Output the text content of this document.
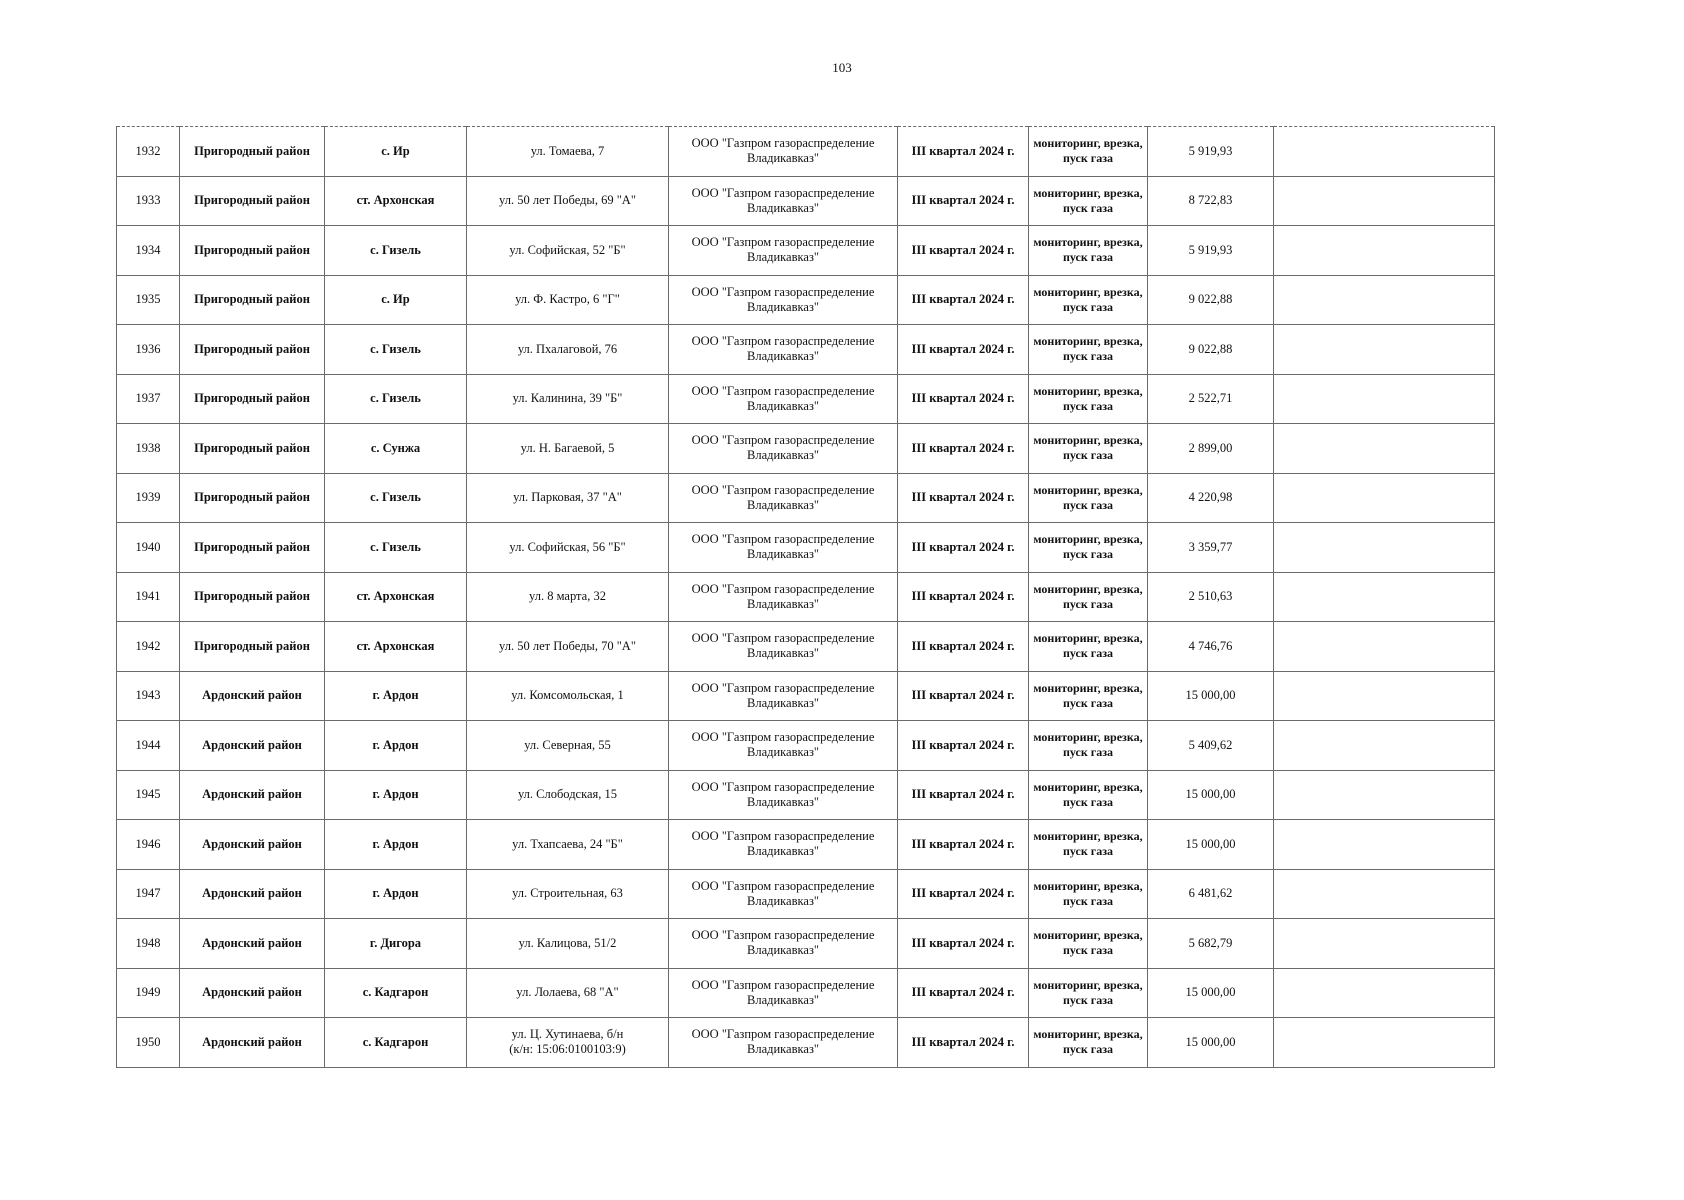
103
1932	Пригородный район	с. Ир	ул. Томаева, 7	ООО "Газпром газораспределение Владикавказ"	III квартал 2024 г.	мониторинг, врезка, пуск газа	5 919,93	
1933	Пригородный район	ст. Архонская	ул. 50 лет Победы, 69 "А"	ООО "Газпром газораспределение Владикавказ"	III квартал 2024 г.	мониторинг, врезка, пуск газа	8 722,83	
1934	Пригородный район	с. Гизель	ул. Софийская, 52 "Б"	ООО "Газпром газораспределение Владикавказ"	III квартал 2024 г.	мониторинг, врезка, пуск газа	5 919,93	
1935	Пригородный район	с. Ир	ул. Ф. Кастро, 6 "Г"	ООО "Газпром газораспределение Владикавказ"	III квартал 2024 г.	мониторинг, врезка, пуск газа	9 022,88	
1936	Пригородный район	с. Гизель	ул. Пхалаговой, 76	ООО "Газпром газораспределение Владикавказ"	III квартал 2024 г.	мониторинг, врезка, пуск газа	9 022,88	
1937	Пригородный район	с. Гизель	ул. Калинина, 39 "Б"	ООО "Газпром газораспределение Владикавказ"	III квартал 2024 г.	мониторинг, врезка, пуск газа	2 522,71	
1938	Пригородный район	с. Сунжа	ул. Н. Багаевой, 5	ООО "Газпром газораспределение Владикавказ"	III квартал 2024 г.	мониторинг, врезка, пуск газа	2 899,00	
1939	Пригородный район	с. Гизель	ул. Парковая, 37 "А"	ООО "Газпром газораспределение Владикавказ"	III квартал 2024 г.	мониторинг, врезка, пуск газа	4 220,98	
1940	Пригородный район	с. Гизель	ул. Софийская, 56 "Б"	ООО "Газпром газораспределение Владикавказ"	III квартал 2024 г.	мониторинг, врезка, пуск газа	3 359,77	
1941	Пригородный район	ст. Архонская	ул. 8 марта, 32	ООО "Газпром газораспределение Владикавказ"	III квартал 2024 г.	мониторинг, врезка, пуск газа	2 510,63	
1942	Пригородный район	ст. Архонская	ул. 50 лет Победы, 70 "А"	ООО "Газпром газораспределение Владикавказ"	III квартал 2024 г.	мониторинг, врезка, пуск газа	4 746,76	
1943	Ардонский район	г. Ардон	ул. Комсомольская, 1	ООО "Газпром газораспределение Владикавказ"	III квартал 2024 г.	мониторинг, врезка, пуск газа	15 000,00	
1944	Ардонский район	г. Ардон	ул. Северная, 55	ООО "Газпром газораспределение Владикавказ"	III квартал 2024 г.	мониторинг, врезка, пуск газа	5 409,62	
1945	Ардонский район	г. Ардон	ул. Слободская, 15	ООО "Газпром газораспределение Владикавказ"	III квартал 2024 г.	мониторинг, врезка, пуск газа	15 000,00	
1946	Ардонский район	г. Ардон	ул. Тхапсаева, 24 "Б"	ООО "Газпром газораспределение Владикавказ"	III квартал 2024 г.	мониторинг, врезка, пуск газа	15 000,00	
1947	Ардонский район	г. Ардон	ул. Строительная, 63	ООО "Газпром газораспределение Владикавказ"	III квартал 2024 г.	мониторинг, врезка, пуск газа	6 481,62	
1948	Ардонский район	г. Дигора	ул. Калицова, 51/2	ООО "Газпром газораспределение Владикавказ"	III квартал 2024 г.	мониторинг, врезка, пуск газа	5 682,79	
1949	Ардонский район	с. Кадгарон	ул. Лолаева, 68 "А"	ООО "Газпром газораспределение Владикавказ"	III квартал 2024 г.	мониторинг, врезка, пуск газа	15 000,00	
1950	Ардонский район	с. Кадгарон	ул. Ц. Хутинаева, б/н
(к/н: 15:06:0100103:9)	ООО "Газпром газораспределение Владикавказ"	III квартал 2024 г.	мониторинг, врезка, пуск газа	15 000,00	
